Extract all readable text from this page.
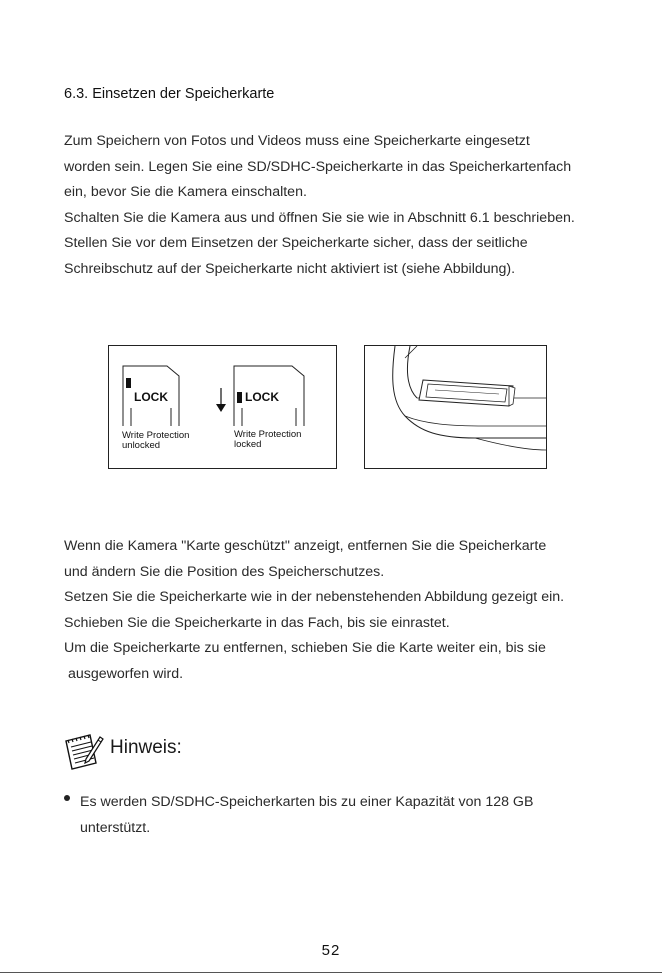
6.3. Einsetzen der Speicherkarte
Zum Speichern von Fotos und Videos muss eine Speicherkarte eingesetzt
worden sein. Legen Sie eine SD/SDHC-Speicherkarte in das Speicherkartenfach
ein, bevor Sie die Kamera einschalten.
Schalten Sie die Kamera aus und öffnen Sie sie wie in Abschnitt 6.1 beschrieben.
Stellen Sie vor dem Einsetzen der Speicherkarte sicher, dass der seitliche
Schreibschutz auf der Speicherkarte nicht aktiviert ist (siehe Abbildung).
LOCK
Write Protection
unlocked
LOCK
Write Protection
locked
Wenn die Kamera "Karte geschützt" anzeigt, entfernen Sie die Speicherkarte
und ändern Sie die Position des Speicherschutzes.
Setzen Sie die Speicherkarte wie in der nebenstehenden Abbildung gezeigt ein.
Schieben Sie die Speicherkarte in das Fach, bis sie einrastet.
Um die Speicherkarte zu entfernen, schieben Sie die Karte weiter ein, bis sie
ausgeworfen wird.
Hinweis:
Es werden SD/SDHC-Speicherkarten bis zu einer Kapazität von 128 GB
unterstützt.
52
